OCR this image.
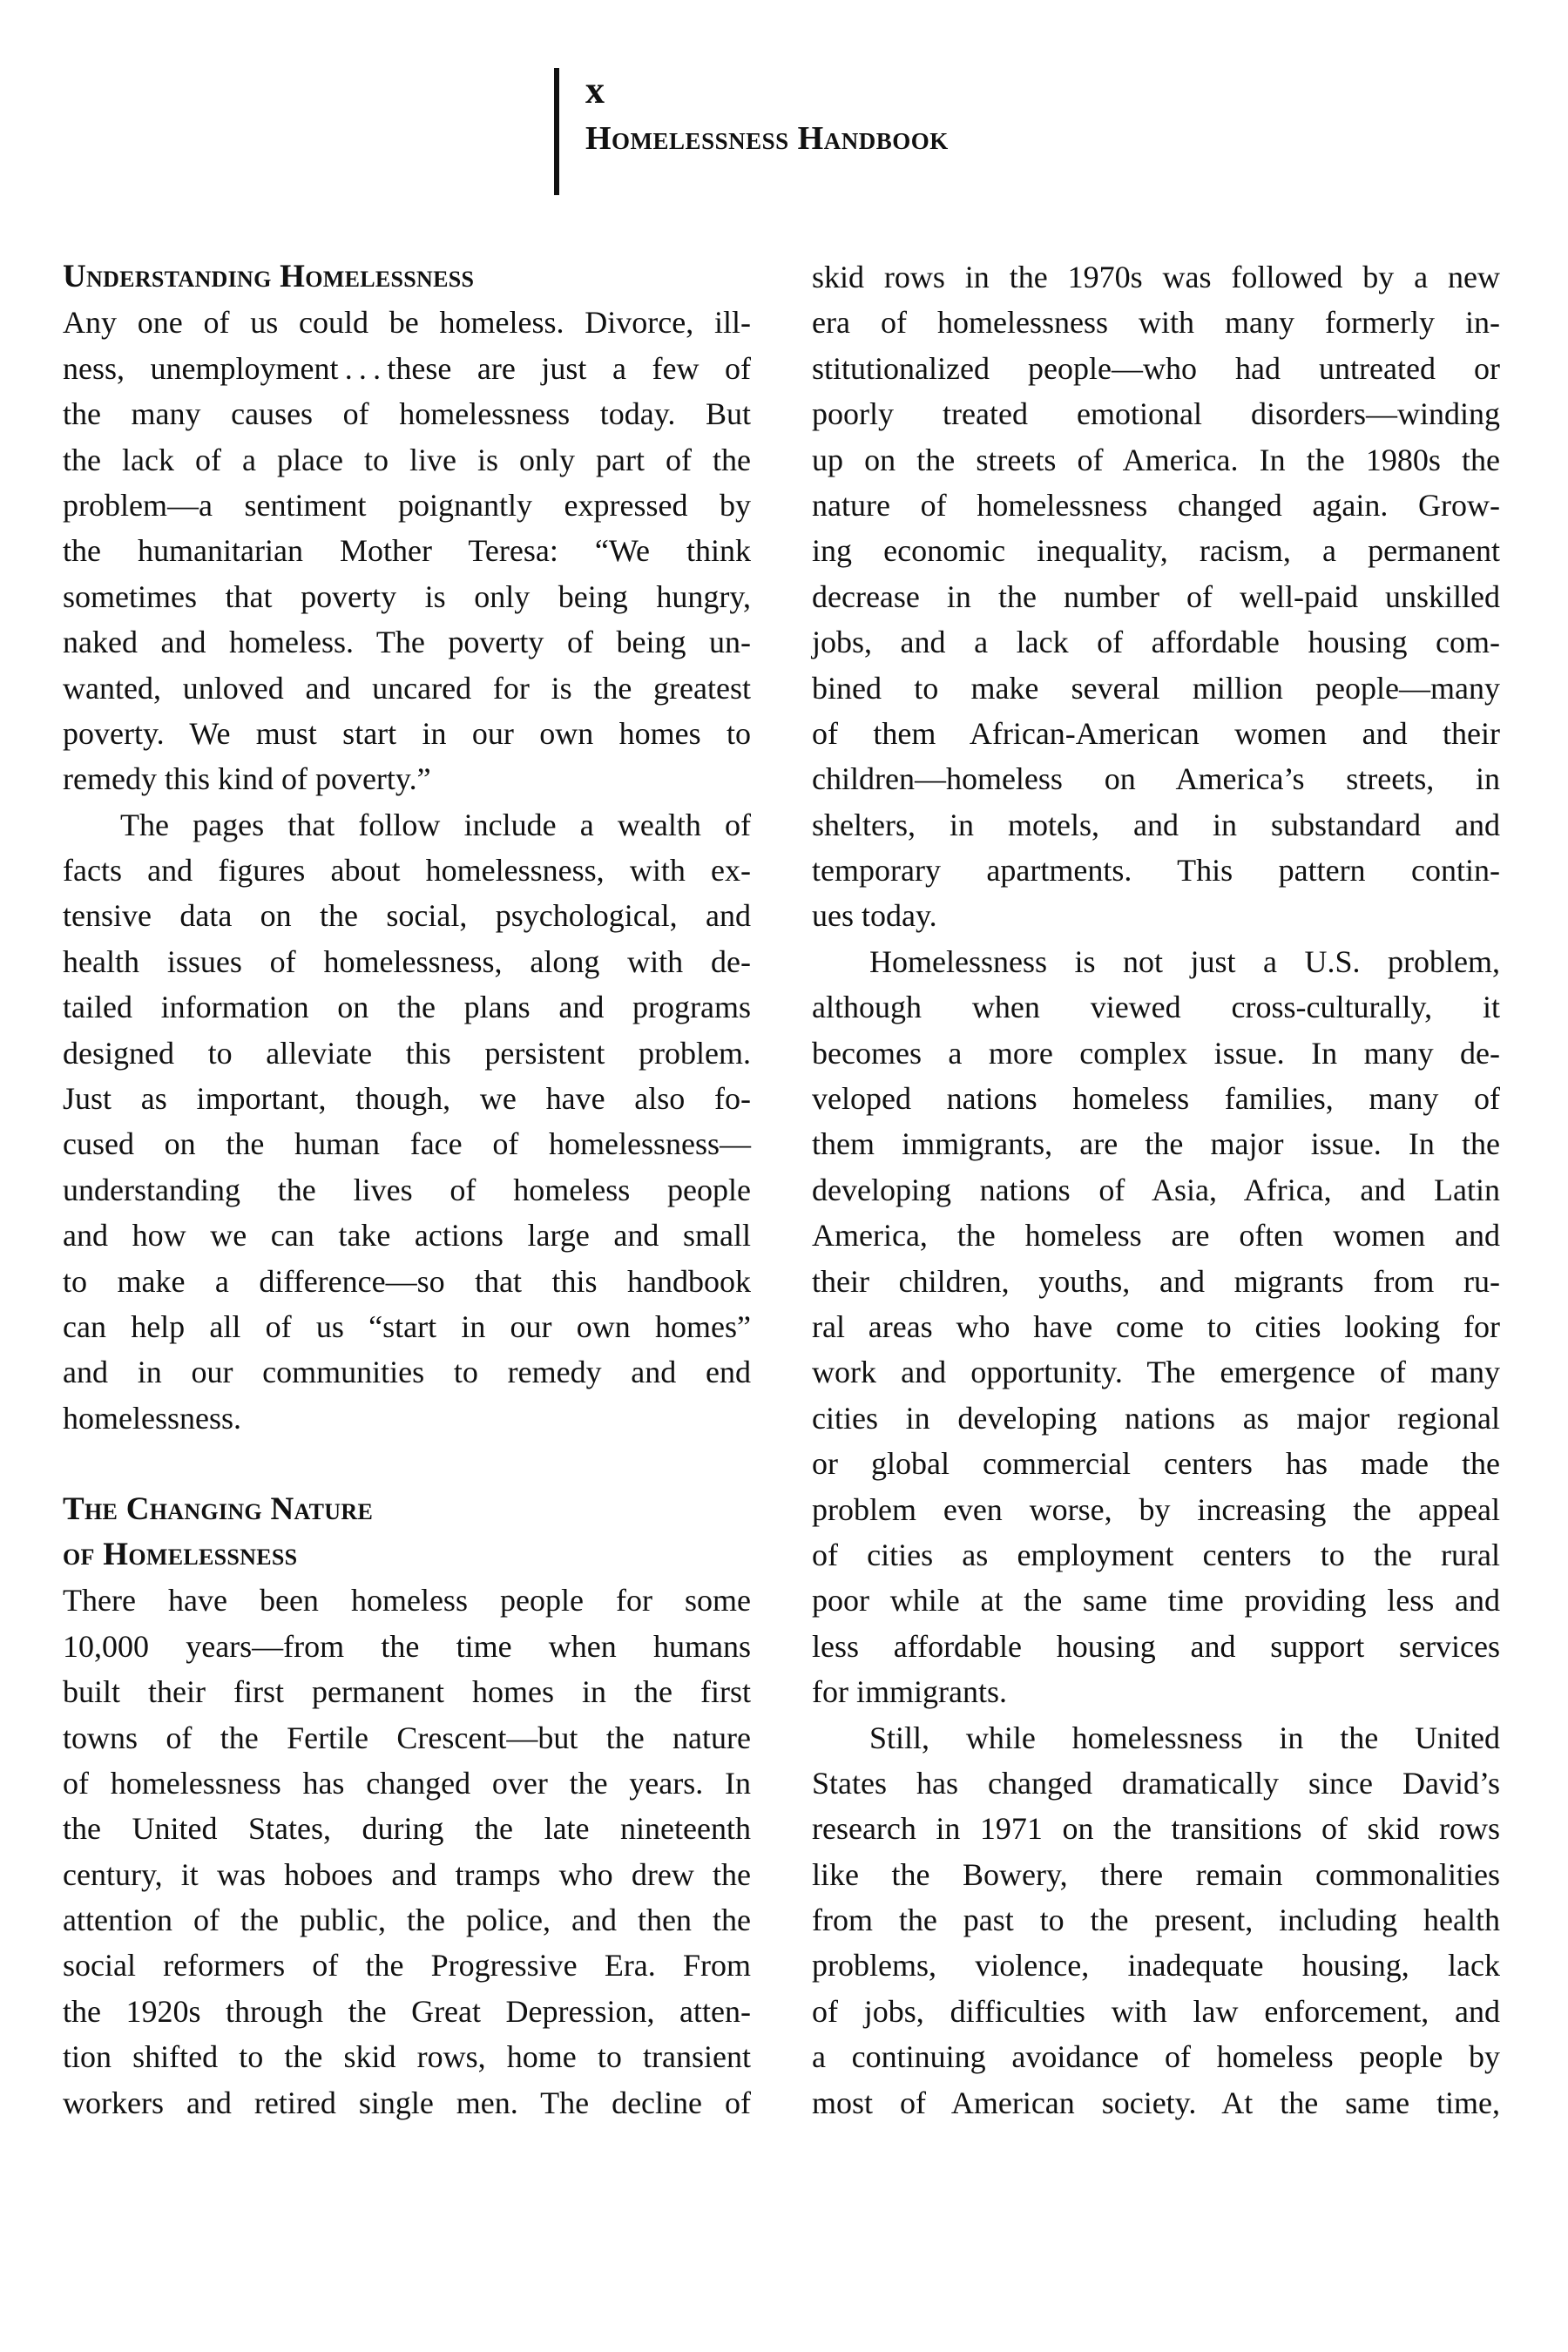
x
Homelessness Handbook
Understanding Homelessness
Any one of us could be homeless. Divorce, ill-
ness, unemployment . . . these are just a few of
the many causes of homelessness today. But
the lack of a place to live is only part of the
problem—a sentiment poignantly expressed by
the humanitarian Mother Teresa: “We think
sometimes that poverty is only being hungry,
naked and homeless. The poverty of being un-
wanted, unloved and uncared for is the greatest
poverty. We must start in our own homes to
remedy this kind of poverty.”
The pages that follow include a wealth of
facts and figures about homelessness, with ex-
tensive data on the social, psychological, and
health issues of homelessness, along with de-
tailed information on the plans and programs
designed to alleviate this persistent problem.
Just as important, though, we have also fo-
cused on the human face of homelessness—
understanding the lives of homeless people
and how we can take actions large and small
to make a difference—so that this handbook
can help all of us “start in our own homes”
and in our communities to remedy and end
homelessness.
The Changing Nature
of Homelessness
There have been homeless people for some
10,000 years—from the time when humans
built their first permanent homes in the first
towns of the Fertile Crescent—but the nature
of homelessness has changed over the years. In
the United States, during the late nineteenth
century, it was hoboes and tramps who drew the
attention of the public, the police, and then the
social reformers of the Progressive Era. From
the 1920s through the Great Depression, atten-
tion shifted to the skid rows, home to transient
workers and retired single men. The decline of
skid rows in the 1970s was followed by a new
era of homelessness with many formerly in-
stitutionalized people—who had untreated or
poorly treated emotional disorders—winding
up on the streets of America. In the 1980s the
nature of homelessness changed again. Grow-
ing economic inequality, racism, a permanent
decrease in the number of well-paid unskilled
jobs, and a lack of affordable housing com-
bined to make several million people—many
of them African-American women and their
children—homeless on America’s streets, in
shelters, in motels, and in substandard and
temporary apartments. This pattern contin-
ues today.
Homelessness is not just a U.S. problem,
although when viewed cross-culturally, it
becomes a more complex issue. In many de-
veloped nations homeless families, many of
them immigrants, are the major issue. In the
developing nations of Asia, Africa, and Latin
America, the homeless are often women and
their children, youths, and migrants from ru-
ral areas who have come to cities looking for
work and opportunity. The emergence of many
cities in developing nations as major regional
or global commercial centers has made the
problem even worse, by increasing the appeal
of cities as employment centers to the rural
poor while at the same time providing less and
less affordable housing and support services
for immigrants.
Still, while homelessness in the United
States has changed dramatically since David’s
research in 1971 on the transitions of skid rows
like the Bowery, there remain commonalities
from the past to the present, including health
problems, violence, inadequate housing, lack
of jobs, difficulties with law enforcement, and
a continuing avoidance of homeless people by
most of American society. At the same time,
